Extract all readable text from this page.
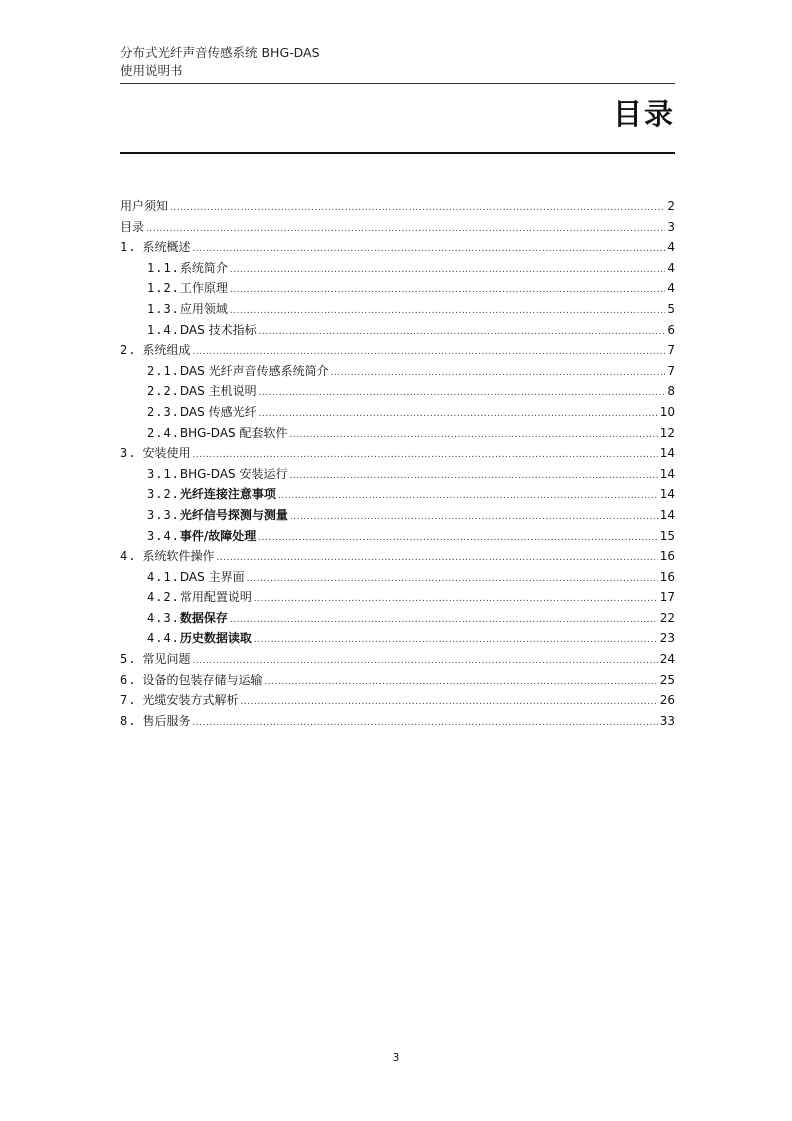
分布式光纤声音传感系统 BHG-DAS
使用说明书
目录
用户须知 .....	2
目录 .....	3
1. 系统概述 .....	4
1.1. 系统简介 .....	4
1.2. 工作原理 .....	4
1.3. 应用领域 .....	5
1.4. DAS 技术指标 .....	6
2. 系统组成 .....	7
2.1. DAS 光纤声音传感系统简介 .....	7
2.2. DAS 主机说明 .....	8
2.3. DAS 传感光纤 .....	10
2.4. BHG-DAS 配套软件 .....	12
3. 安装使用 .....	14
3.1. BHG-DAS 安装运行 .....	14
3.2. 光纤连接注意事项 .....	14
3.3. 光纤信号探测与测量 .....	14
3.4. 事件/故障处理 .....	15
4. 系统软件操作 .....	16
4.1. DAS 主界面 .....	16
4.2. 常用配置说明 .....	17
4.3. 数据保存 .....	22
4.4. 历史数据读取 .....	23
5. 常见问题 .....	24
6. 设备的包装存储与运输 .....	25
7. 光缆安装方式解析 .....	26
8. 售后服务 .....	33
3
